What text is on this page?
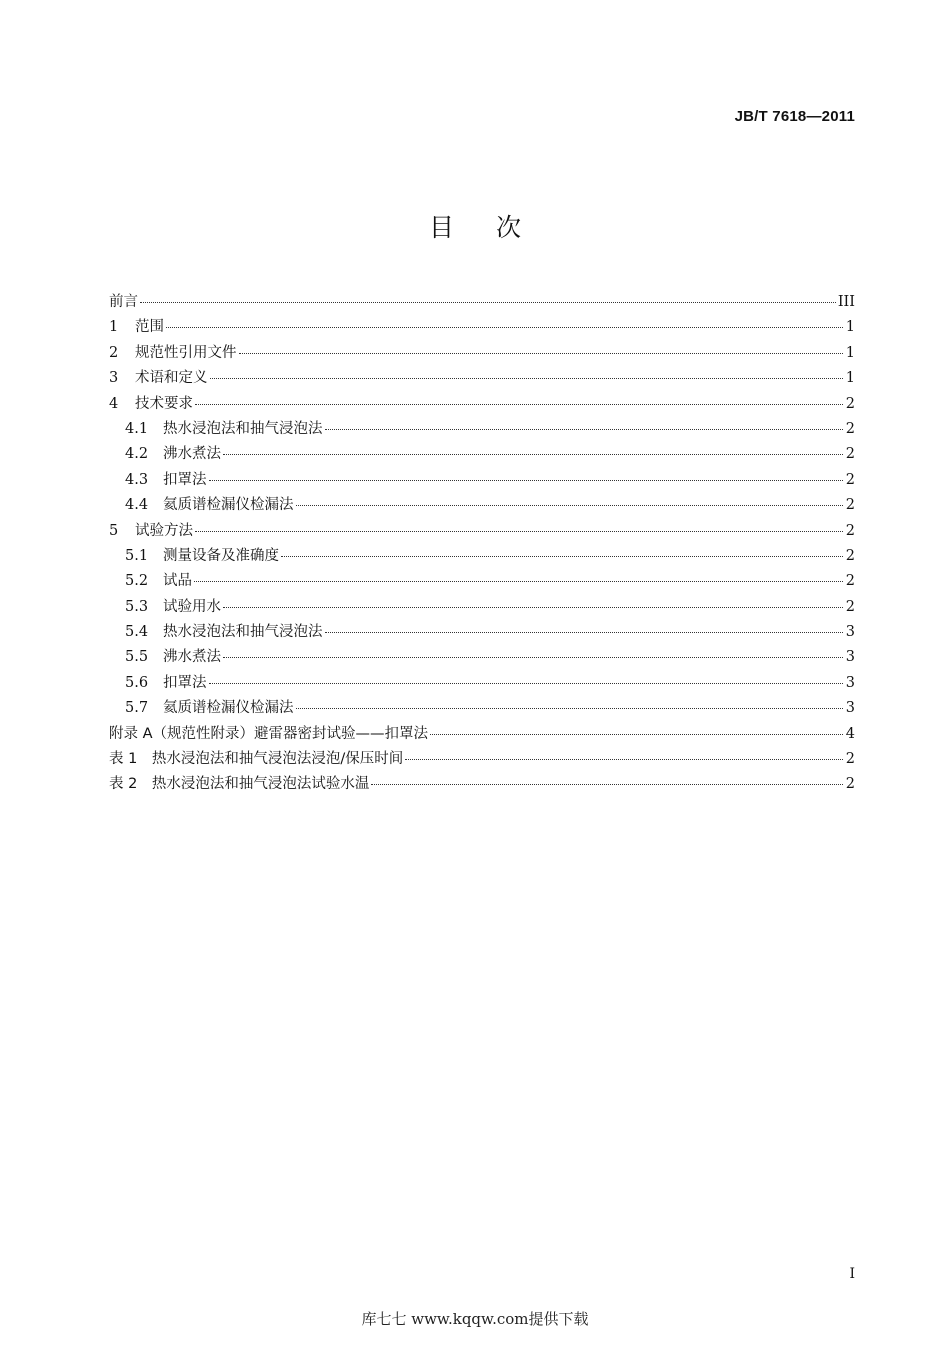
JB/T 7618—2011
目次
前言	III
1	范围	1
2	规范性引用文件	1
3	术语和定义	1
4	技术要求	2
4.1	热水浸泡法和抽气浸泡法	2
4.2	沸水煮法	2
4.3	扣罩法	2
4.4	氦质谱检漏仪检漏法	2
5	试验方法	2
5.1	测量设备及准确度	2
5.2	试品	2
5.3	试验用水	2
5.4	热水浸泡法和抽气浸泡法	3
5.5	沸水煮法	3
5.6	扣罩法	3
5.7	氦质谱检漏仪检漏法	3
附录 A（规范性附录）避雷器密封试验——扣罩法	4
表 1　热水浸泡法和抽气浸泡法浸泡/保压时间	2
表 2　热水浸泡法和抽气浸泡法试验水温	2
I
库七七 www.kqqw.com提供下载
